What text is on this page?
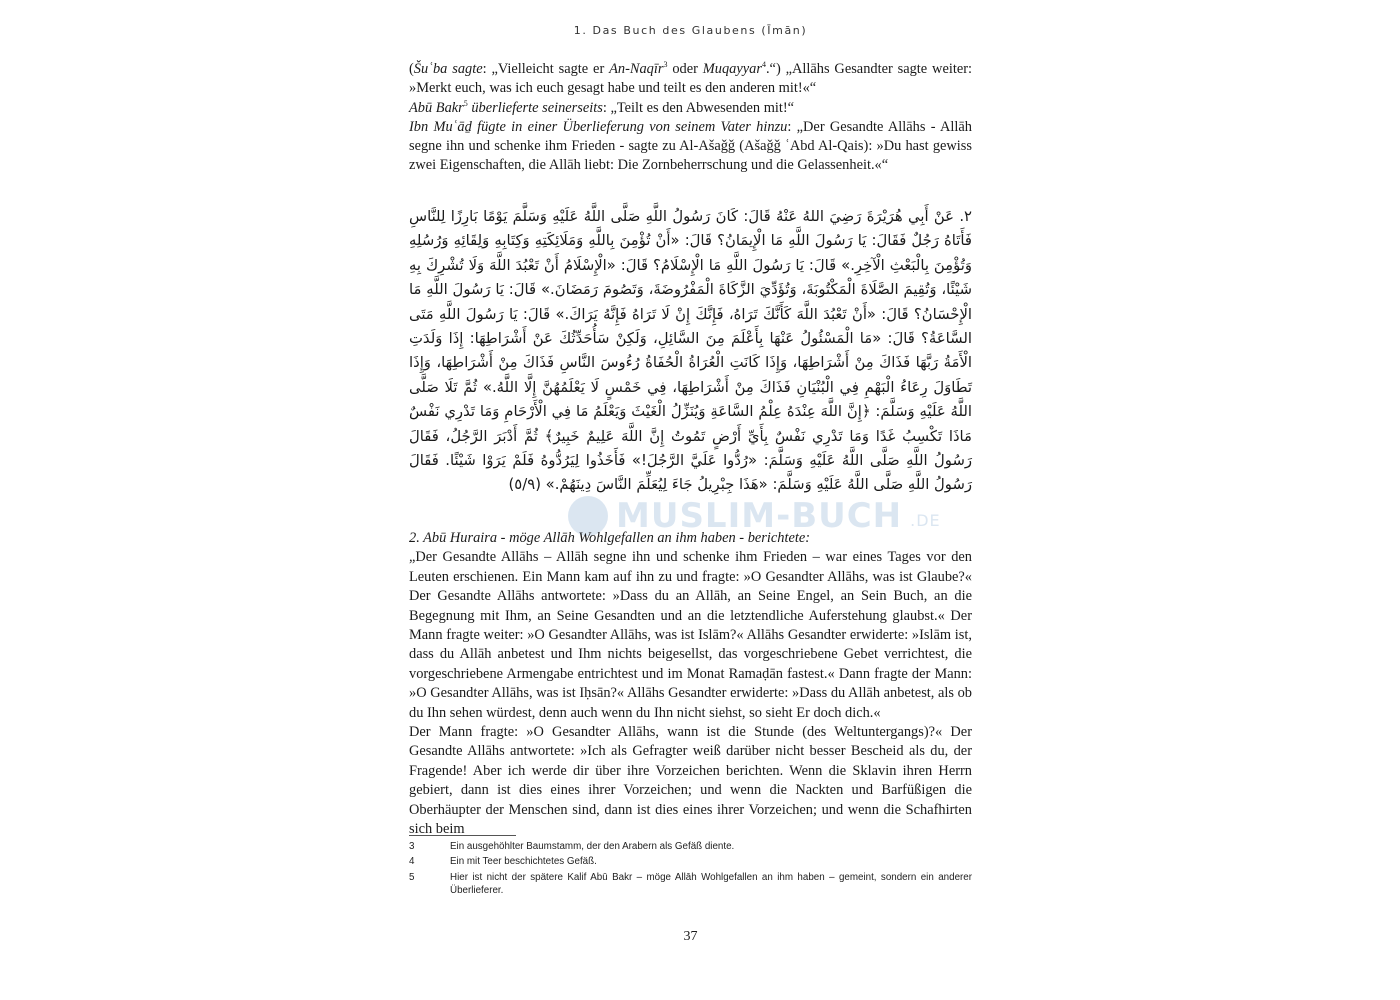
1. Das Buch des Glaubens (Īmān)

(Šuʿba sagte: „Vielleicht sagte er An-Naqīr$^3$ oder Muqayyar$^4$.“) „Allāhs Gesandter sagte weiter: »Merkt euch, was ich euch gesagt habe und teilt es den anderen mit!«“

Abū Bakr$^5$ überlieferte seinerseits: „Teilt es den Abwesenden mit!“

Ibn Muʿāḏ fügte in einer Überlieferung von seinem Vater hinzu: „Der Gesandte Allāhs - Allāh segne ihn und schenke ihm Frieden - sagte zu Al-Ašaǧǧ (Ašaǧǧ ʿAbd Al-Qais): »Du hast gewiss zwei Eigenschaften, die Allāh liebt: Die Zornbeherrschung und die Gelassenheit.«“

٢. عَنْ أَبِي هُرَيْرَةَ رَضِيَ اللهُ عَنْهُ قَالَ: كَانَ رَسُولُ اللَّهِ صَلَّى اللَّهُ عَلَيْهِ وَسَلَّمَ يَوْمًا بَارِزًا لِلنَّاسِ فَأَتَاهُ رَجُلٌ فَقَالَ: يَا رَسُولَ اللَّهِ مَا الْإِيمَانُ؟ قَالَ: «أَنْ تُؤْمِنَ بِاللَّهِ وَمَلَائِكَتِهِ وَكِتَابِهِ وَلِقَائِهِ وَرُسُلِهِ وَتُؤْمِنَ بِالْبَعْثِ الْآخِرِ.» قَالَ: يَا رَسُولَ اللَّهِ مَا الْإِسْلَامُ؟ قَالَ: «الْإِسْلَامُ أَنْ تَعْبُدَ اللَّهَ وَلَا تُشْرِكَ بِهِ شَيْئًا، وَتُقِيمَ الصَّلَاةَ الْمَكْتُوبَةَ، وَتُؤَدِّيَ الزَّكَاةَ الْمَفْرُوضَةَ، وَتَصُومَ رَمَضَانَ.» قَالَ: يَا رَسُولَ اللَّهِ مَا الْإِحْسَانُ؟ قَالَ: «أَنْ تَعْبُدَ اللَّهَ كَأَنَّكَ تَرَاهُ، فَإِنَّكَ إِنْ لَا تَرَاهُ فَإِنَّهُ يَرَاكَ.» قَالَ: يَا رَسُولَ اللَّهِ مَتَى السَّاعَةُ؟ قَالَ: «مَا الْمَسْئُولُ عَنْهَا بِأَعْلَمَ مِنَ السَّائِلِ، وَلَكِنْ سَأُحَدِّثُكَ عَنْ أَشْرَاطِهَا: إِذَا وَلَدَتِ الْأَمَةُ رَبَّهَا فَذَاكَ مِنْ أَشْرَاطِهَا، وَإِذَا كَانَتِ الْعُرَاةُ الْحُفَاةُ رُءُوسَ النَّاسِ فَذَاكَ مِنْ أَشْرَاطِهَا، وَإِذَا تَطَاوَلَ رِعَاءُ الْبَهْمِ فِي الْبُنْيَانِ فَذَاكَ مِنْ أَشْرَاطِهَا، فِي خَمْسٍ لَا يَعْلَمُهُنَّ إِلَّا اللَّهُ.» ثُمَّ تَلَا صَلَّى اللَّهُ عَلَيْهِ وَسَلَّمَ: ﴿إِنَّ اللَّهَ عِنْدَهُ عِلْمُ السَّاعَةِ وَيُنَزِّلُ الْغَيْثَ وَيَعْلَمُ مَا فِي الْأَرْحَامِ وَمَا تَدْرِي نَفْسٌ مَاذَا تَكْسِبُ غَدًا وَمَا تَدْرِي نَفْسٌ بِأَيِّ أَرْضٍ تَمُوتُ إِنَّ اللَّهَ عَلِيمٌ خَبِيرٌ﴾ ثُمَّ أَدْبَرَ الرَّجُلُ، فَقَالَ رَسُولُ اللَّهِ صَلَّى اللَّهُ عَلَيْهِ وَسَلَّمَ: «رُدُّوا عَلَيَّ الرَّجُلَ!» فَأَخَذُوا لِيَرُدُّوهُ فَلَمْ يَرَوْا شَيْئًا. فَقَالَ رَسُولُ اللَّهِ صَلَّى اللَّهُ عَلَيْهِ وَسَلَّمَ: «هَذَا جِبْرِيلُ جَاءَ لِيُعَلِّمَ النَّاسَ دِينَهُمْ.» (٥/٩)
MUSLIM-BUCH .DE

2. Abū Huraira - möge Allāh Wohlgefallen an ihm haben - berichtete:

„Der Gesandte Allāhs – Allāh segne ihn und schenke ihm Frieden – war eines Tages vor den Leuten erschienen. Ein Mann kam auf ihn zu und fragte: »O Gesandter Allāhs, was ist Glaube?« Der Gesandte Allāhs antwortete: »Dass du an Allāh, an Seine Engel, an Sein Buch, an die Begegnung mit Ihm, an Seine Gesandten und an die letztendliche Auferstehung glaubst.« Der Mann fragte weiter: »O Gesandter Allāhs, was ist Islām?« Allāhs Gesandter erwiderte: »Islām ist, dass du Allāh anbetest und Ihm nichts beigesellst, das vorgeschriebene Gebet verrichtest, die vorgeschriebene Armengabe entrichtest und im Monat Ramaḍān fastest.« Dann fragte der Mann: »O Gesandter Allāhs, was ist Iḥsān?« Allāhs Gesandter erwiderte: »Dass du Allāh anbetest, als ob du Ihn sehen würdest, denn auch wenn du Ihn nicht siehst, so sieht Er doch dich.«

Der Mann fragte: »O Gesandter Allāhs, wann ist die Stunde (des Weltuntergangs)?« Der Gesandte Allāhs antwortete: »Ich als Gefragter weiß darüber nicht besser Bescheid als du, der Fragende! Aber ich werde dir über ihre Vorzeichen berichten. Wenn die Sklavin ihren Herrn gebiert, dann ist dies eines ihrer Vorzeichen; und wenn die Nackten und Barfüßigen die Oberhäupter der Menschen sind, dann ist dies eines ihrer Vorzeichen; und wenn die Schafhirten sich beim

3	Ein ausgehöhlter Baumstamm, der den Arabern als Gefäß diente.
4	Ein mit Teer beschichtetes Gefäß.
5	Hier ist nicht der spätere Kalif Abū Bakr – möge Allāh Wohlgefallen an ihm haben – gemeint, sondern ein anderer Überlieferer.
37
